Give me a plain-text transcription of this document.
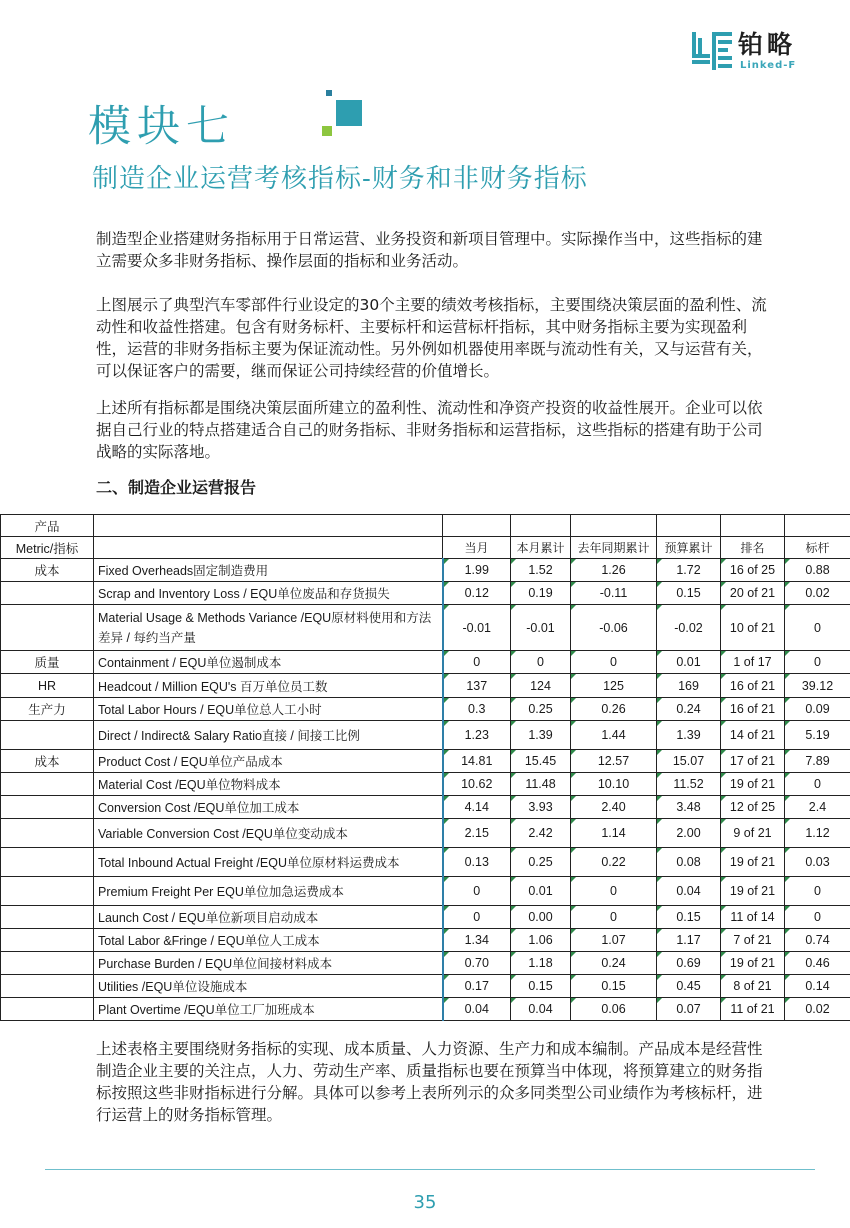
铂略
Linked-F
模块七
制造企业运营考核指标-财务和非财务指标
制造型企业搭建财务指标用于日常运营、业务投资和新项目管理中。实际操作当中，这些指标的建立需要众多非财务指标、操作层面的指标和业务活动。
上图展示了典型汽车零部件行业设定的30个主要的绩效考核指标，主要围绕决策层面的盈利性、流动性和收益性搭建。包含有财务标杆、主要标杆和运营标杆指标，其中财务指标主要为实现盈利性，运营的非财务指标主要为保证流动性。另外例如机器使用率既与流动性有关，又与运营有关，可以保证客户的需要，继而保证公司持续经营的价值增长。
上述所有指标都是围绕决策层面所建立的盈利性、流动性和净资产投资的收益性展开。企业可以依据自己行业的特点搭建适合自己的财务指标、非财务指标和运营指标，这些指标的搭建有助于公司战略的实际落地。
二、制造企业运营报告
产品							
Metric/指标		当月	本月累计	去年同期累计	预算累计	排名	标杆
成本	Fixed Overheads固定制造费用	1.99	1.52	1.26	1.72	16 of 25	0.88
	Scrap and Inventory Loss / EQU单位废品和存货损失	0.12	0.19	-0.11	0.15	20 of 21	0.02
	Material Usage & Methods Variance /EQU原材料使用和方法差异 / 每约当产量	-0.01	-0.01	-0.06	-0.02	10 of 21	0
质量	Containment / EQU单位遏制成本	0	0	0	0.01	1 of 17	0
HR	Headcout / Million EQU's 百万单位员工数	137	124	125	169	16 of 21	39.12
生产力	Total Labor Hours / EQU单位总人工小时	0.3	0.25	0.26	0.24	16 of 21	0.09
	Direct / Indirect& Salary Ratio直接 / 间接工比例	1.23	1.39	1.44	1.39	14 of 21	5.19
成本	Product Cost / EQU单位产品成本	14.81	15.45	12.57	15.07	17 of 21	7.89
	Material Cost /EQU单位物料成本	10.62	11.48	10.10	11.52	19 of 21	0
	Conversion Cost /EQU单位加工成本	4.14	3.93	2.40	3.48	12 of 25	2.4
	Variable Conversion Cost /EQU单位变动成本	2.15	2.42	1.14	2.00	9 of 21	1.12
	Total Inbound Actual Freight /EQU单位原材料运费成本	0.13	0.25	0.22	0.08	19 of 21	0.03
	Premium Freight Per EQU单位加急运费成本	0	0.01	0	0.04	19 of 21	0
	Launch Cost / EQU单位新项目启动成本	0	0.00	0	0.15	11 of 14	0
	Total Labor &Fringe / EQU单位人工成本	1.34	1.06	1.07	1.17	7 of 21	0.74
	Purchase Burden / EQU单位间接材料成本	0.70	1.18	0.24	0.69	19 of 21	0.46
	Utilities /EQU单位设施成本	0.17	0.15	0.15	0.45	8 of 21	0.14
	Plant Overtime /EQU单位工厂加班成本	0.04	0.04	0.06	0.07	11 of 21	0.02
上述表格主要围绕财务指标的实现、成本质量、人力资源、生产力和成本编制。产品成本是经营性制造企业主要的关注点，人力、劳动生产率、质量指标也要在预算当中体现，将预算建立的财务指标按照这些非财指标进行分解。具体可以参考上表所列示的众多同类型公司业绩作为考核标杆，进行运营上的财务指标管理。
35
